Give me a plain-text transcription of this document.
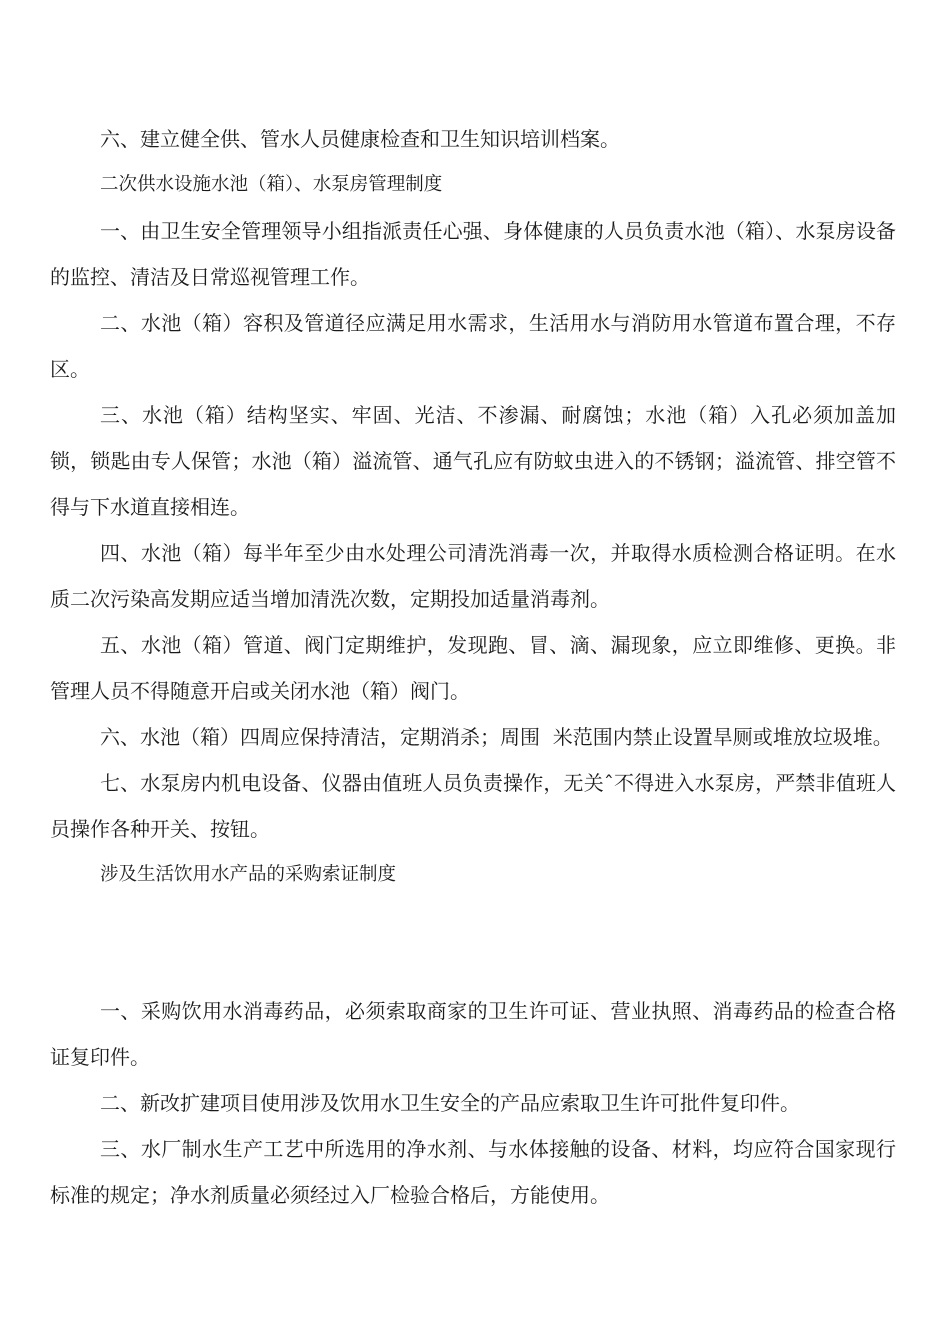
六、建立健全供、管水人员健康检查和卫生知识培训档案。

二次供水设施水池（箱）、水泵房管理制度

一、由卫生安全管理领导小组指派责任心强、身体健康的人员负责水池（箱）、水泵房设备的监控、清洁及日常巡视管理工作。

二、水池（箱）容积及管道径应满足用水需求，生活用水与消防用水管道布置合理，不存  区。

三、水池（箱）结构坚实、牢固、光洁、不渗漏、耐腐蚀；水池（箱）入孔必须加盖加锁，锁匙由专人保管；水池（箱）溢流管、通气孔应有防蚊虫进入的不锈钢；溢流管、排空管不得与下水道直接相连。

四、水池（箱）每半年至少由水处理公司清洗消毒一次，并取得水质检测合格证明。在水质二次污染高发期应适当增加清洗次数，定期投加适量消毒剂。

五、水池（箱）管道、阀门定期维护，发现跑、冒、滴、漏现象，应立即维修、更换。非管理人员不得随意开启或关闭水池（箱）阀门。

六、水池（箱）四周应保持清洁，定期消杀；周围  米范围内禁止设置旱厕或堆放垃圾堆。

七、水泵房内机电设备、仪器由值班人员负责操作，无关ˆ不得进入水泵房，严禁非值班人员操作各种开关、按钮。

涉及生活饮用水产品的采购索证制度

一、采购饮用水消毒药品，必须索取商家的卫生许可证、营业执照、消毒药品的检查合格证复印件。

二、新改扩建项目使用涉及饮用水卫生安全的产品应索取卫生许可批件复印件。

三、水厂制水生产工艺中所选用的净水剂、与水体接触的设备、材料，均应符合国家现行标准的规定；净水剂质量必须经过入厂检验合格后，方能使用。
